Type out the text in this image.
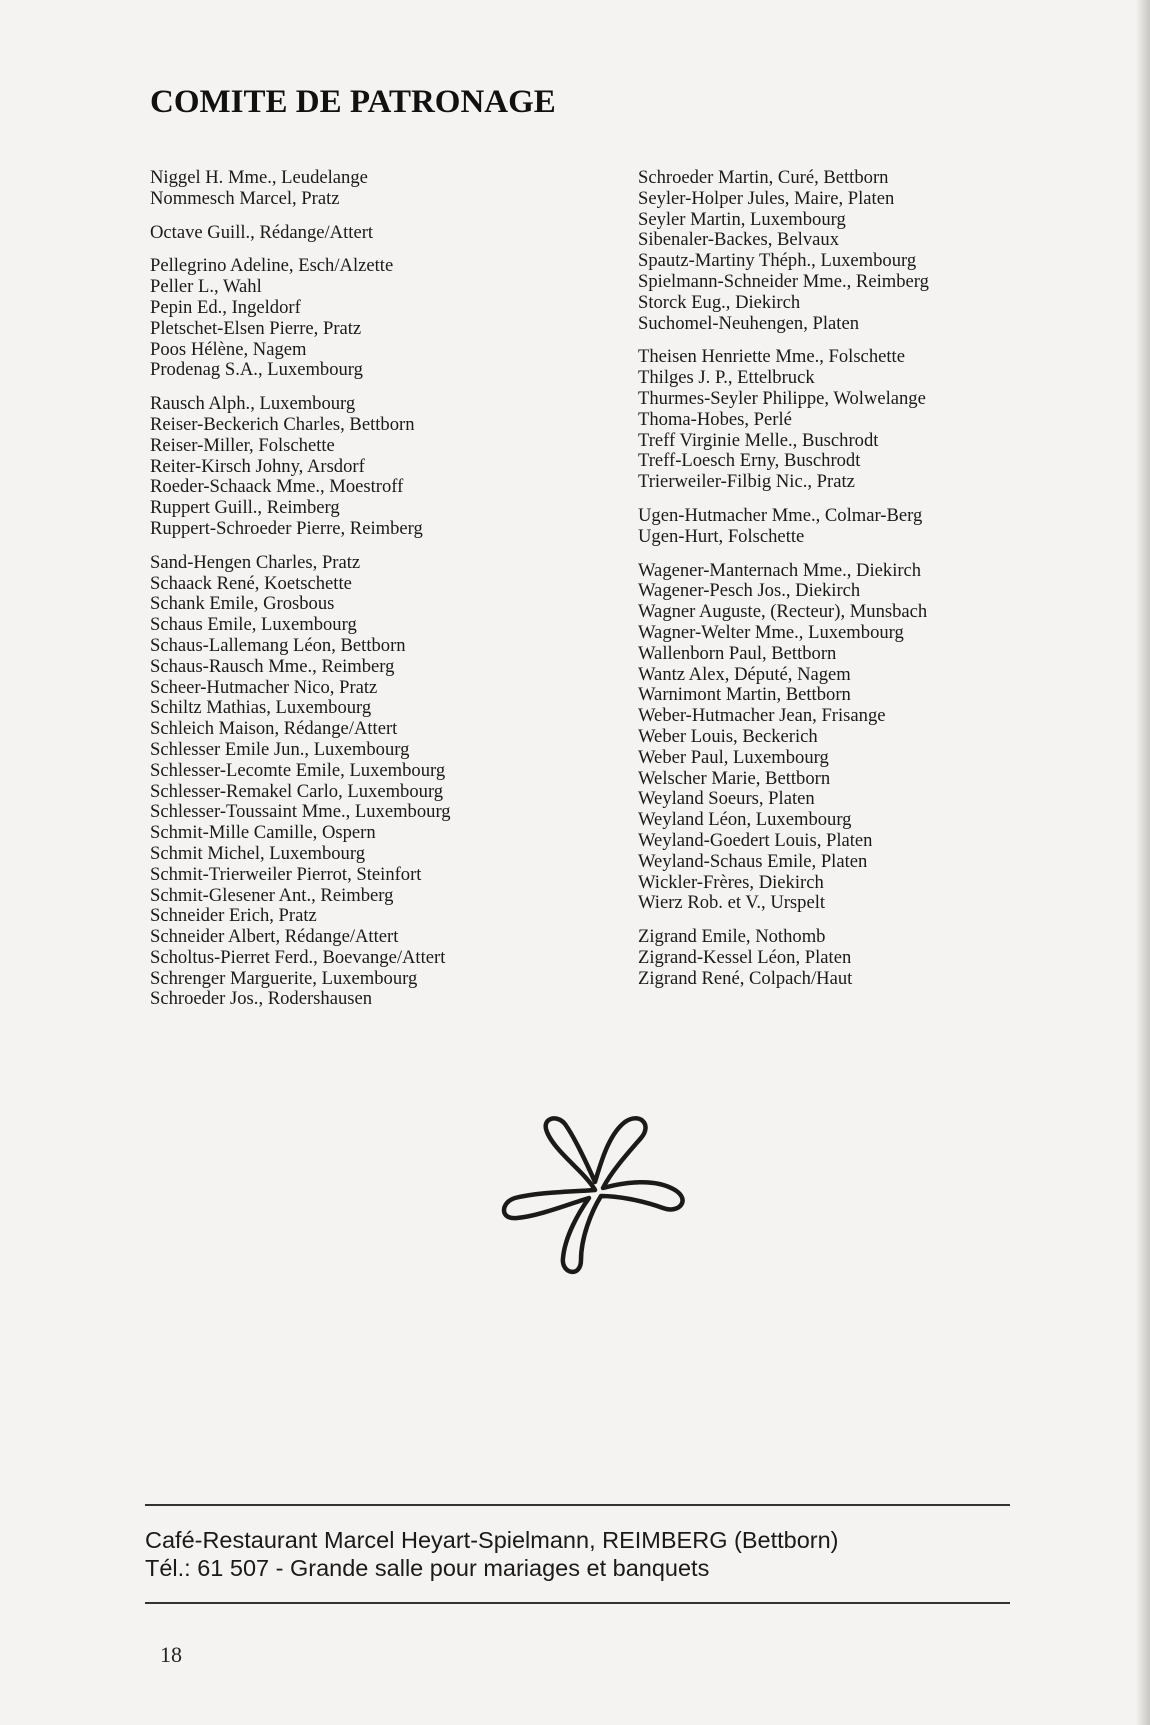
COMITE DE PATRONAGE
Niggel H. Mme., Leudelange
Nommesch Marcel, Pratz
Octave Guill., Rédange/Attert
Pellegrino Adeline, Esch/Alzette
Peller L., Wahl
Pepin Ed., Ingeldorf
Pletschet-Elsen Pierre, Pratz
Poos Hélène, Nagem
Prodenag S.A., Luxembourg
Rausch Alph., Luxembourg
Reiser-Beckerich Charles, Bettborn
Reiser-Miller, Folschette
Reiter-Kirsch Johny, Arsdorf
Roeder-Schaack Mme., Moestroff
Ruppert Guill., Reimberg
Ruppert-Schroeder Pierre, Reimberg
Sand-Hengen Charles, Pratz
Schaack René, Koetschette
Schank Emile, Grosbous
Schaus Emile, Luxembourg
Schaus-Lallemang Léon, Bettborn
Schaus-Rausch Mme., Reimberg
Scheer-Hutmacher Nico, Pratz
Schiltz Mathias, Luxembourg
Schleich Maison, Rédange/Attert
Schlesser Emile Jun., Luxembourg
Schlesser-Lecomte Emile, Luxembourg
Schlesser-Remakel Carlo, Luxembourg
Schlesser-Toussaint Mme., Luxembourg
Schmit-Mille Camille, Ospern
Schmit Michel, Luxembourg
Schmit-Trierweiler Pierrot, Steinfort
Schmit-Glesener Ant., Reimberg
Schneider Erich, Pratz
Schneider Albert, Rédange/Attert
Scholtus-Pierret Ferd., Boevange/Attert
Schrenger Marguerite, Luxembourg
Schroeder Jos., Rodershausen
Schroeder Martin, Curé, Bettborn
Seyler-Holper Jules, Maire, Platen
Seyler Martin, Luxembourg
Sibenaler-Backes, Belvaux
Spautz-Martiny Théph., Luxembourg
Spielmann-Schneider Mme., Reimberg
Storck Eug., Diekirch
Suchomel-Neuhengen, Platen
Theisen Henriette Mme., Folschette
Thilges J. P., Ettelbruck
Thurmes-Seyler Philippe, Wolwelange
Thoma-Hobes, Perlé
Treff Virginie Melle., Buschrodt
Treff-Loesch Erny, Buschrodt
Trierweiler-Filbig Nic., Pratz
Ugen-Hutmacher Mme., Colmar-Berg
Ugen-Hurt, Folschette
Wagener-Manternach Mme., Diekirch
Wagener-Pesch Jos., Diekirch
Wagner Auguste, (Recteur), Munsbach
Wagner-Welter Mme., Luxembourg
Wallenborn Paul, Bettborn
Wantz Alex, Député, Nagem
Warnimont Martin, Bettborn
Weber-Hutmacher Jean, Frisange
Weber Louis, Beckerich
Weber Paul, Luxembourg
Welscher Marie, Bettborn
Weyland Soeurs, Platen
Weyland Léon, Luxembourg
Weyland-Goedert Louis, Platen
Weyland-Schaus Emile, Platen
Wickler-Frères, Diekirch
Wierz Rob. et V., Urspelt
Zigrand Emile, Nothomb
Zigrand-Kessel Léon, Platen
Zigrand René, Colpach/Haut
Café-Restaurant Marcel Heyart-Spielmann, REIMBERG (Bettborn)
Tél.: 61 507 - Grande salle pour mariages et banquets
18
